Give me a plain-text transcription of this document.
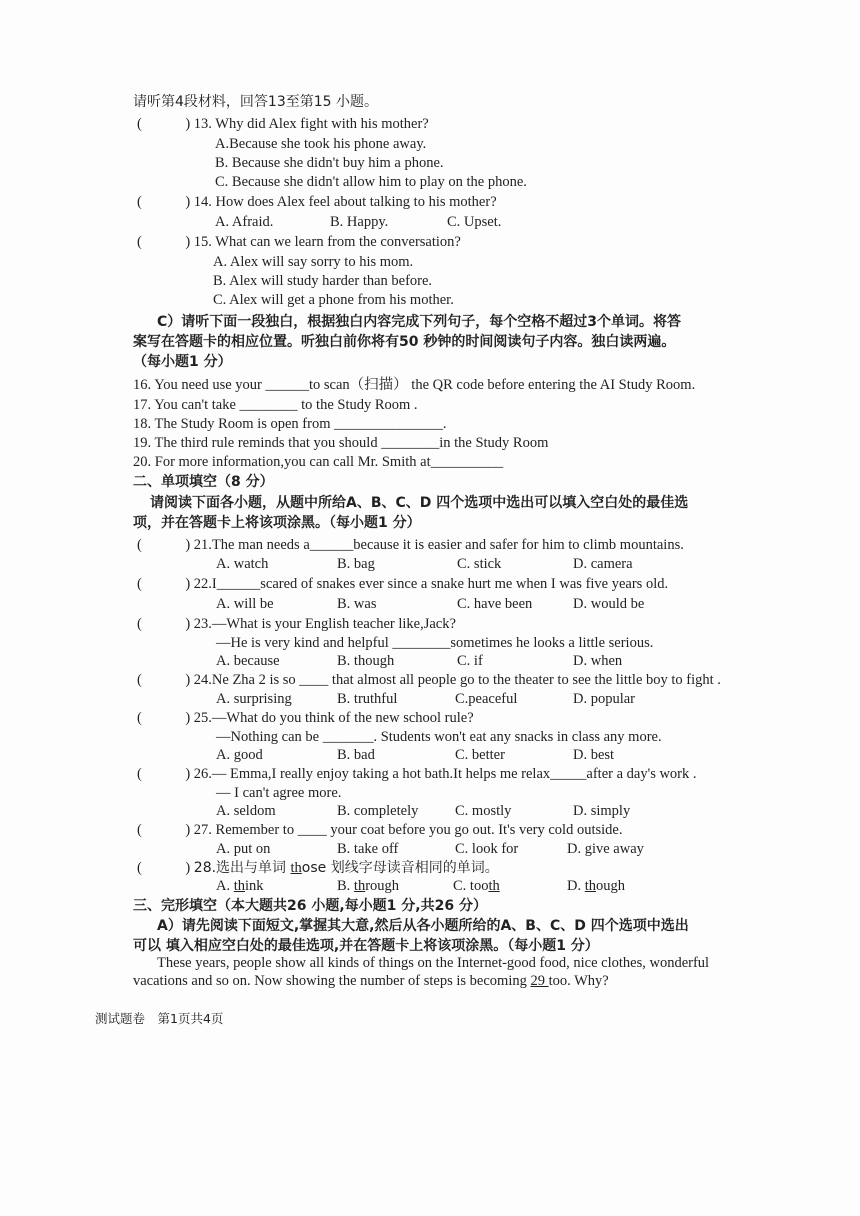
请听第4段材料，回答13至第15 小题。
(　　　) 13. Why did Alex fight with his mother?
A.Because she took his phone away.
B. Because she didn't buy him a phone.
C. Because she didn't allow him to play on the phone.
(　　　) 14. How does Alex feel about talking to his mother?
A. Afraid.	B. Happy.	C. Upset.
(　　　) 15. What can we learn from the conversation?
A. Alex will say sorry to his mom.
B. Alex will study harder than before.
C. Alex will get a phone from his mother.
C）请听下面一段独白，根据独白内容完成下列句子，每个空格不超过3个单词。将答
案写在答题卡的相应位置。听独白前你将有50 秒钟的时间阅读句子内容。独白读两遍。
（每小题1 分）
16. You need use your ______to scan（扫描） the QR code before entering the AI Study Room.
17. You can't take ________ to the Study Room .
18. The Study Room is open from _______________.
19. The third rule reminds that you should ________in the Study Room
20. For more information,you can call Mr. Smith at__________
二、单项填空（8 分）
请阅读下面各小题，从题中所给A、B、C、D 四个选项中选出可以填入空白处的最佳选
项，并在答题卡上将该项涂黑。（每小题1 分）
(　　　) 21.The man needs a______because it is easier and safer for him to climb mountains.
A. watch	B. bag	C. stick	D. camera
(　　　) 22.I______scared of snakes ever since a snake hurt me when I was five years old.
A. will be	B. was	C. have been	D. would be
(　　　) 23.—What is your English teacher like,Jack?
—He is very kind and helpful ________sometimes he looks a little serious.
A. because	B. though	C. if	D. when
(　　　) 24.Ne Zha 2 is so ____ that almost all people go to the theater to see the little boy to fight .
A. surprising	B. truthful	C.peaceful	D. popular
(　　　) 25.—What do you think of the new school rule?
—Nothing can be _______. Students won't eat any snacks in class any more.
A. good	B. bad	C. better	D. best
(　　　) 26.— Emma,I really enjoy taking a hot bath.It helps me relax_____after a day's work .
— I can't agree more.
A. seldom	B. completely	C. mostly	D. simply
(　　　) 27. Remember to ____ your coat before you go out. It's very cold outside.
A. put on	B. take off	C. look for	D. give away
(　　　) 28.选出与单词 those 划线字母读音相同的单词。
A. think	B. through	C. tooth	D. though
三、完形填空（本大题共26 小题,每小题1 分,共26 分）
A）请先阅读下面短文,掌握其大意,然后从各小题所给的A、B、C、D 四个选项中选出
可以 填入相应空白处的最佳选项,并在答题卡上将该项涂黑。（每小题1 分）
These years, people show all kinds of things on the Internet-good food, nice clothes, wonderful
vacations and so on. Now showing the number of steps is becoming 29 too. Why?
测试题卷　第1页共4页
